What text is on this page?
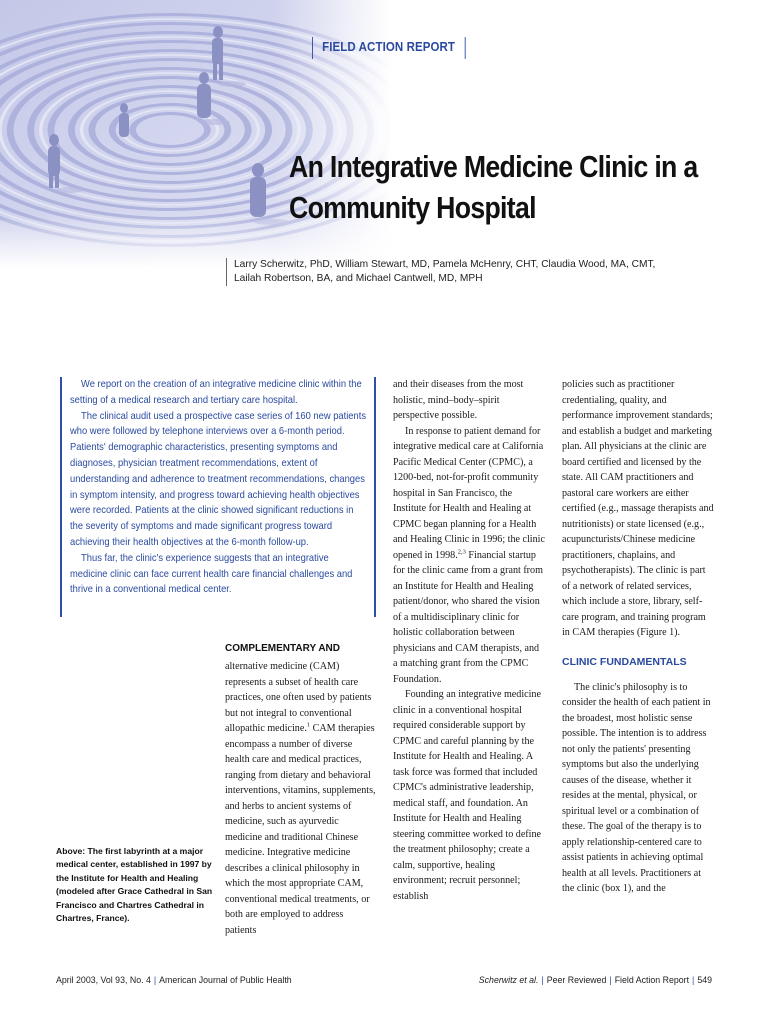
FIELD ACTION REPORT
An Integrative Medicine Clinic in a
Community Hospital
Larry Scherwitz, PhD, William Stewart, MD, Pamela McHenry, CHT, Claudia Wood, MA, CMT,
Lailah Robertson, BA, and Michael Cantwell, MD, MPH

We report on the creation of an integrative medicine clinic within the setting of a medical research and tertiary care hospital.

The clinical audit used a prospective case series of 160 new patients who were followed by telephone interviews over a 6-month period. Patients' demographic characteristics, presenting symptoms and diagnoses, physician treatment recommendations, extent of understanding and adherence to treatment recommendations, changes in symptom intensity, and progress toward achieving health objectives were recorded. Patients at the clinic showed significant reductions in the severity of symptoms and made significant progress toward achieving their health objectives at the 6-month follow-up.

Thus far, the clinic's experience suggests that an integrative medicine clinic can face current health care financial challenges and thrive in a conventional medical center.

Above: The first labyrinth at a major medical center, established in 1997 by the Institute for Health and Healing (modeled after Grace Cathedral in San Francisco and Chartres Cathedral in Chartres, France).
COMPLEMENTARY AND

alternative medicine (CAM) represents a subset of health care practices, one often used by patients but not integral to conventional allopathic medicine.$^1$ CAM therapies encompass a number of diverse health care and medical practices, ranging from dietary and behavioral interventions, vitamins, supplements, and herbs to ancient systems of medicine, such as ayurvedic medicine and traditional Chinese medicine. Integrative medicine describes a clinical philosophy in which the most appropriate CAM, conventional medical treatments, or both are employed to address patients

and their diseases from the most holistic, mind–body–spirit perspective possible.

In response to patient demand for integrative medical care at California Pacific Medical Center (CPMC), a 1200-bed, not-for-profit community hospital in San Francisco, the Institute for Health and Healing at CPMC began planning for a Health and Healing Clinic in 1996; the clinic opened in 1998.$^{2,3}$ Financial startup for the clinic came from a grant from an Institute for Health and Healing patient/donor, who shared the vision of a multidisciplinary clinic for holistic collaboration between physicians and CAM therapists, and a matching grant from the CPMC Foundation.

Founding an integrative medicine clinic in a conventional hospital required considerable support by CPMC and careful planning by the Institute for Health and Healing. A task force was formed that included CPMC's administrative leadership, medical staff, and foundation. An Institute for Health and Healing steering committee worked to define the treatment philosophy; create a calm, supportive, healing environment; recruit personnel; establish

policies such as practitioner credentialing, quality, and performance improvement standards; and establish a budget and marketing plan. All physicians at the clinic are board certified and licensed by the state. All CAM practitioners and pastoral care workers are either certified (e.g., massage therapists and nutritionists) or state licensed (e.g., acupuncturists/Chinese medicine practitioners, chaplains, and psychotherapists). The clinic is part of a network of related services, which include a store, library, self-care program, and training program in CAM therapies (Figure 1).

CLINIC FUNDAMENTALS

The clinic's philosophy is to consider the health of each patient in the broadest, most holistic sense possible. The intention is to address not only the patients' presenting symptoms but also the underlying causes of the disease, whether it resides at the mental, physical, or spiritual level or a combination of these. The goal of the therapy is to apply relationship-centered care to assist patients in achieving optimal health at all levels. Practitioners at the clinic (box 1), and the

April 2003, Vol 93, No. 4 | American Journal of Public Health	Scherwitz et al. | Peer Reviewed | Field Action Report | 549
